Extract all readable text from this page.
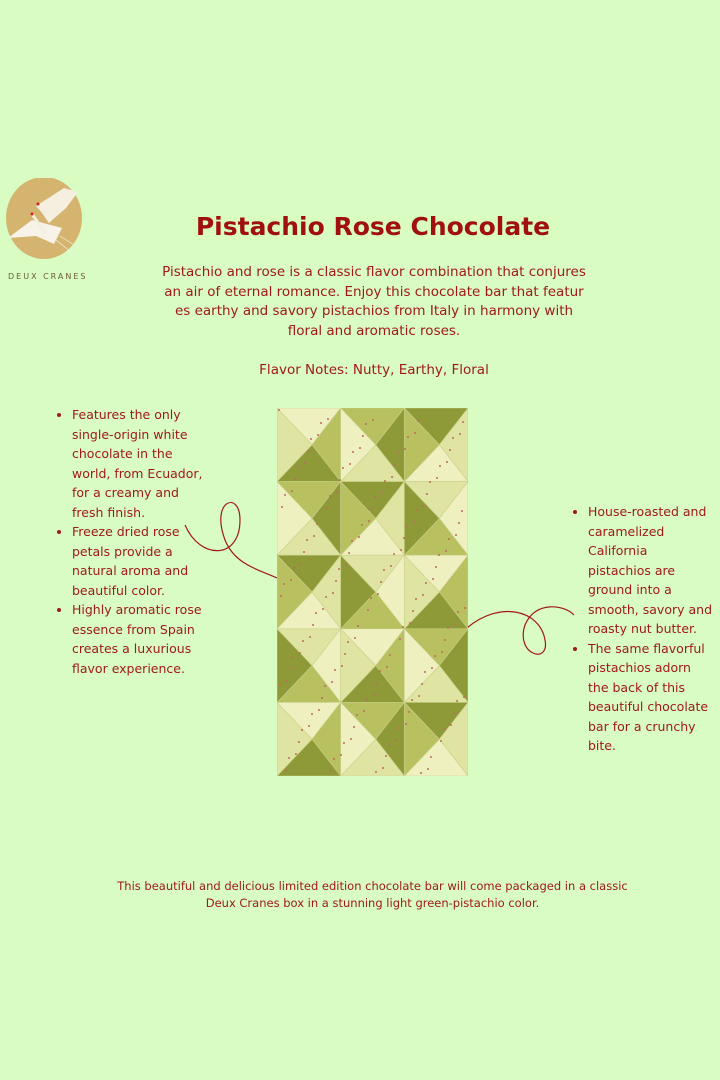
DEUX CRANES
Pistachio Rose Chocolate
Pistachio and rose is a classic flavor combination that conjures an air of eternal romance. Enjoy this chocolate bar that featur es earthy and savory pistachios from Italy in harmony with floral and aromatic roses.
Flavor Notes: Nutty, Earthy, Floral
• Features the only single-origin white chocolate in the world, from Ecuador, for a creamy and fresh finish.
• Freeze dried rose petals provide a natural aroma and beautiful color.
• Highly aromatic rose essence from Spain creates a luxurious flavor experience.
• House-roasted and caramelized California pistachios are ground into a smooth, savory and roasty nut butter.
• The same flavorful pistachios adorn the back of this beautiful chocolate bar for a crunchy bite.
This beautiful and delicious limited edition chocolate bar will come packaged in a classic Deux Cranes box in a stunning light green-pistachio color.
